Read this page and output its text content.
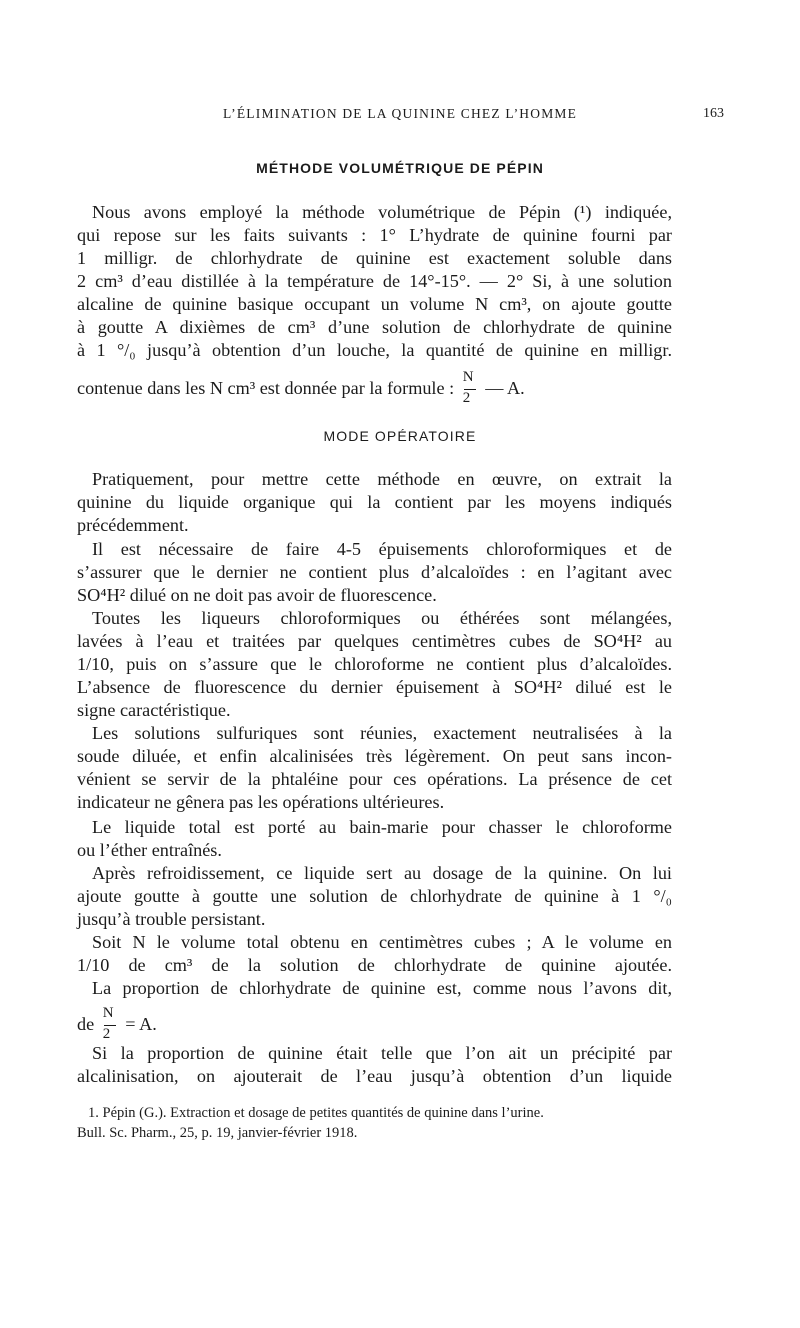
L’ÉLIMINATION DE LA QUININE CHEZ L’HOMME	163
MÉTHODE VOLUMÉTRIQUE DE PÉPIN
Nous avons employé la méthode volumétrique de Pépin (¹) indiquée,
qui repose sur les faits suivants : 1° L’hydrate de quinine fourni par
1 milligr. de chlorhydrate de quinine est exactement soluble dans
2 cm³ d’eau distillée à la température de 14°-15°. — 2° Si, à une solution
alcaline de quinine basique occupant un volume N cm³, on ajoute goutte
à goutte A dixièmes de cm³ d’une solution de chlorhydrate de quinine
à 1 °/₀ jusqu’à obtention d’un louche, la quantité de quinine en milligr.
contenue dans les N cm³ est donnée par la formule : $\frac{N}{2}$ — A.
MODE OPÉRATOIRE
Pratiquement, pour mettre cette méthode en œuvre, on extrait la
quinine du liquide organique qui la contient par les moyens indiqués
précédemment.
Il est nécessaire de faire 4-5 épuisements chloroformiques et de
s’assurer que le dernier ne contient plus d’alcaloïdes : en l’agitant avec
SO⁴H² dilué on ne doit pas avoir de fluorescence.
Toutes les liqueurs chloroformiques ou éthérées sont mélangées,
lavées à l’eau et traitées par quelques centimètres cubes de SO⁴H² au
1/10, puis on s’assure que le chloroforme ne contient plus d’alcaloïdes.
L’absence de fluorescence du dernier épuisement à SO⁴H² dilué est le
signe caractéristique.
Les solutions sulfuriques sont réunies, exactement neutralisées à la
soude diluée, et enfin alcalinisées très légèrement. On peut sans incon-
vénient se servir de la phtaléine pour ces opérations. La présence de cet
indicateur ne gênera pas les opérations ultérieures.
Le liquide total est porté au bain-marie pour chasser le chloroforme
ou l’éther entraînés.
Après refroidissement, ce liquide sert au dosage de la quinine. On lui
ajoute goutte à goutte une solution de chlorhydrate de quinine à 1 °/₀
jusqu’à trouble persistant.
Soit N le volume total obtenu en centimètres cubes ; A le volume en
1/10 de cm³ de la solution de chlorhydrate de quinine ajoutée.
La proportion de chlorhydrate de quinine est, comme nous l’avons dit,
de $\frac{N}{2} = A$.
Si la proportion de quinine était telle que l’on ait un précipité par
alcalinisation, on ajouterait de l’eau jusqu’à obtention d’un liquide
1. Pépin (G.). Extraction et dosage de petites quantités de quinine dans l’urine.
Bull. Sc. Pharm., 25, p. 19, janvier-février 1918.
